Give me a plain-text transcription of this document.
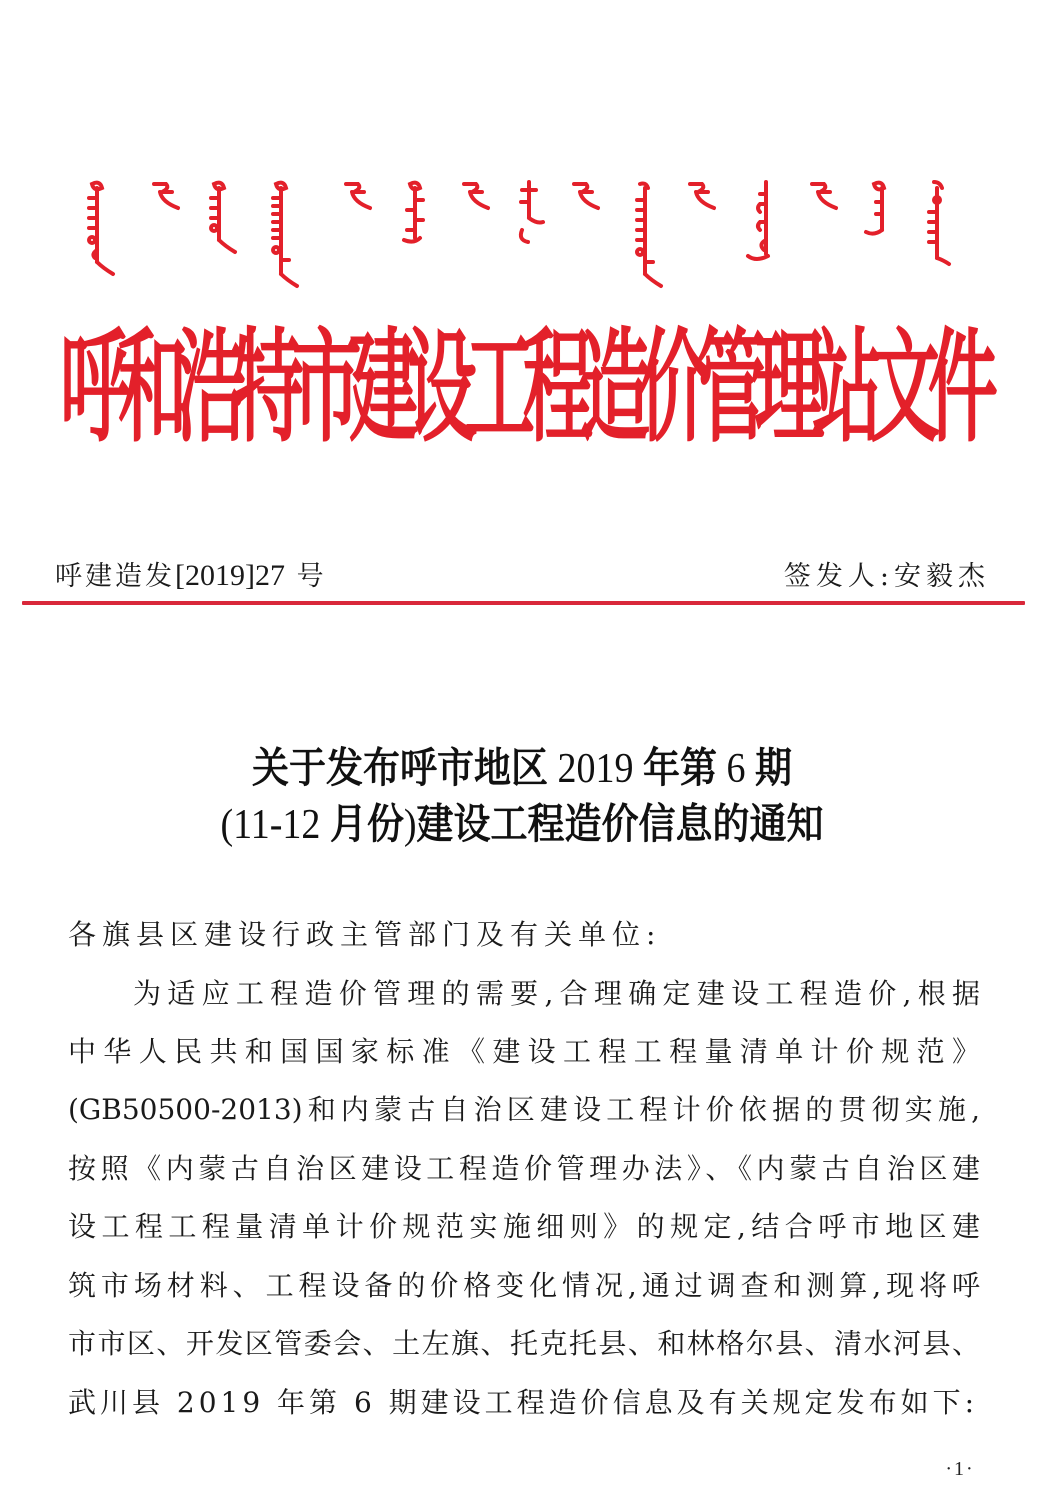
呼
和
浩
特
市
建
设
工
程
造
价
管
理
站
文
件
呼建造发[2019]27 号	签发人:安毅杰
关于发布呼市地区 2019 年第 6 期
(11-12 月份)建设工程造价信息的通知
各旗县区建设行政主管部门及有关单位:
为适应工程造价管理的需要,合理确定建设工程造价,根据
中华人民共和国国家标准《建设工程工程量清单计价规范》
(GB50500-2013)和内蒙古自治区建设工程计价依据的贯彻实施,
按照《内蒙古自治区建设工程造价管理办法》、《内蒙古自治区建
设工程工程量清单计价规范实施细则》的规定,结合呼市地区建
筑市场材料、工程设备的价格变化情况,通过调查和测算,现将呼
市市区、开发区管委会、土左旗、托克托县、和林格尔县、清水河县、
武川县 2019 年第 6 期建设工程造价信息及有关规定发布如下:
·1·
